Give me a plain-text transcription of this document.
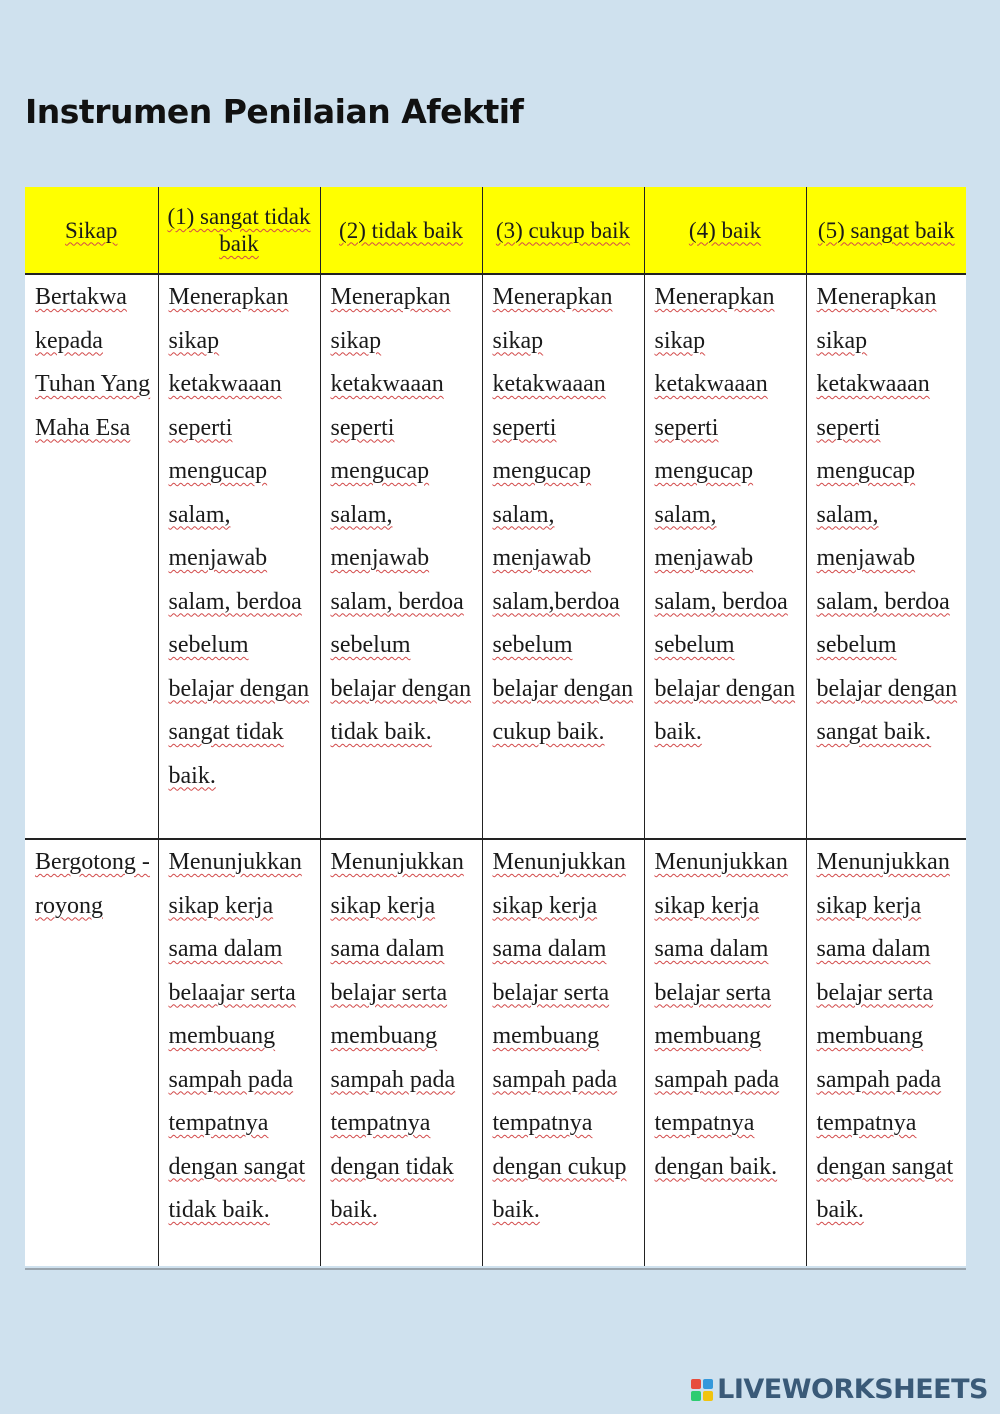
Instrumen Penilaian Afektif
Sikap	(1) sangat tidak baik	(2) tidak baik	(3) cukup baik	(4) baik	(5) sangat baik
Bertakwa kepada Tuhan Yang Maha Esa	Menerapkan sikap ketakwaaan seperti mengucap salam, menjawab salam, berdoa sebelum belajar dengan sangat tidak baik.	Menerapkan sikap ketakwaaan seperti mengucap salam, menjawab salam, berdoa sebelum belajar dengan tidak baik.	Menerapkan sikap ketakwaaan seperti mengucap salam, menjawab salam,berdoa sebelum belajar dengan cukup baik.	Menerapkan sikap ketakwaaan seperti mengucap salam, menjawab salam, berdoa sebelum belajar dengan baik.	Menerapkan sikap ketakwaaan seperti mengucap salam, menjawab salam, berdoa sebelum belajar dengan sangat baik.
Bergotong - royong	Menunjukkan sikap kerja sama dalam belaajar serta membuang sampah pada tempatnya dengan sangat tidak baik.	Menunjukkan sikap kerja sama dalam belajar serta membuang sampah pada tempatnya dengan tidak baik.	Menunjukkan sikap kerja sama dalam belajar serta membuang sampah pada tempatnya dengan cukup baik.	Menunjukkan sikap kerja sama dalam belajar serta membuang sampah pada tempatnya dengan baik.	Menunjukkan sikap kerja sama dalam belajar serta membuang sampah pada tempatnya dengan sangat baik.
LIVEWORKSHEETS
